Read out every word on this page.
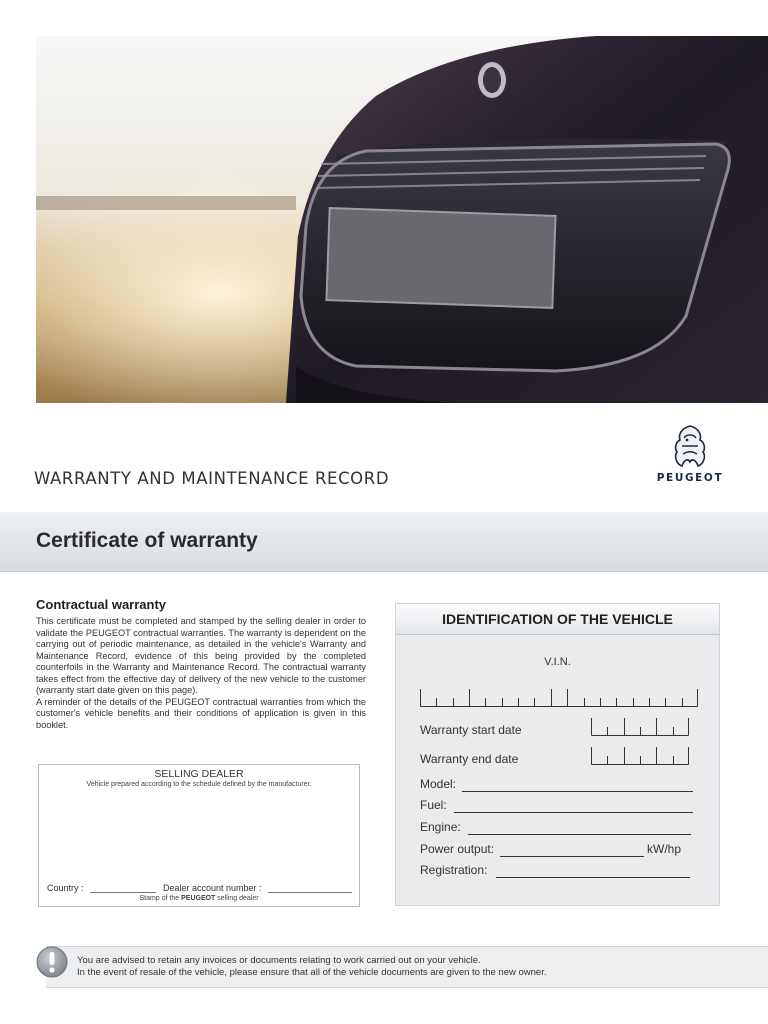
WARRANTY AND MAINTENANCE RECORD	PEUGEOT
Certificate of warranty
Contractual warranty

This certificate must be completed and stamped by the selling dealer in order to validate the PEUGEOT contractual warranties. The warranty is dependent on the carrying out of periodic maintenance, as detailed in the vehicle's Warranty and Maintenance Record, evidence of this being provided by the completed counterfoils in the Warranty and Maintenance Record. The contractual warranty takes effect from the effective day of delivery of the new vehicle to the customer (warranty start date given on this page).

A reminder of the details of the PEUGEOT contractual warranties from which the customer's vehicle benefits and their conditions of application is given in this booklet.

SELLING DEALER
Vehicle prepared according to the schedule defined by the manufacturer.
Country :	Dealer account number :
Stamp of the PEUGEOT selling dealer
IDENTIFICATION OF THE VEHICLE
V.I.N.
Warranty start date
Warranty end date
Model:
Fuel:
Engine:
Power output:	kW/hp
Registration:
You are advised to retain any invoices or documents relating to work carried out on your vehicle.
In the event of resale of the vehicle, please ensure that all of the vehicle documents are given to the new owner.
